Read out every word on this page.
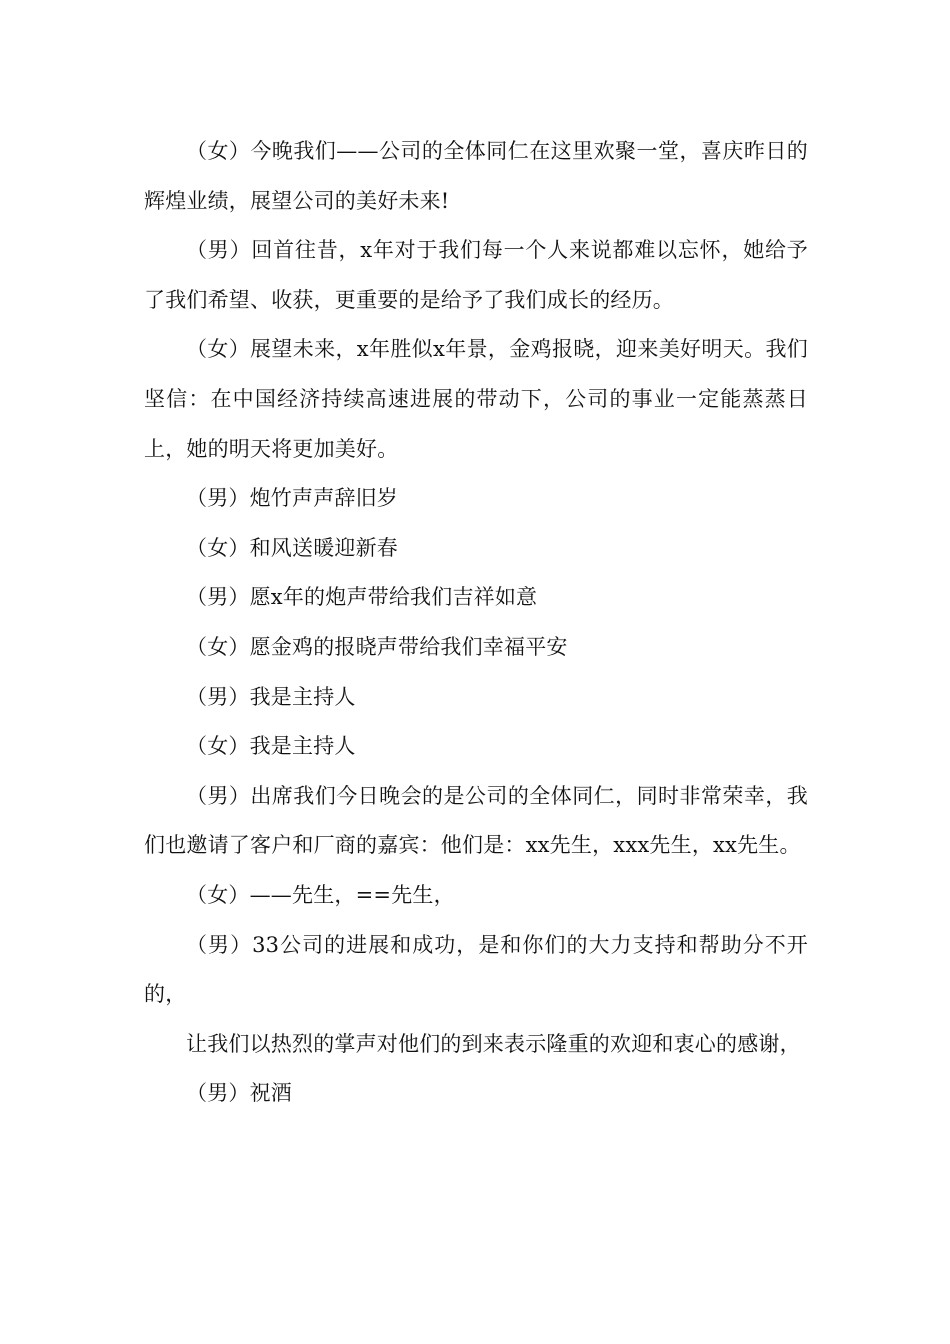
（女）今晚我们——公司的全体同仁在这里欢聚一堂，喜庆昨日的辉煌业绩，展望公司的美好未来!

（男）回首往昔，x年对于我们每一个人来说都难以忘怀，她给予了我们希望、收获，更重要的是给予了我们成长的经历。

（女）展望未来，x年胜似x年景，金鸡报晓，迎来美好明天。我们坚信：在中国经济持续高速进展的带动下，公司的事业一定能蒸蒸日上，她的明天将更加美好。

（男）炮竹声声辞旧岁

（女）和风送暖迎新春

（男）愿x年的炮声带给我们吉祥如意

（女）愿金鸡的报晓声带给我们幸福平安

（男）我是主持人

（女）我是主持人

（男）出席我们今日晚会的是公司的全体同仁，同时非常荣幸，我们也邀请了客户和厂商的嘉宾：他们是：xx先生，xxx先生，xx先生。

（女）——先生，==先生，

（男）33公司的进展和成功，是和你们的大力支持和帮助分不开的，

让我们以热烈的掌声对他们的到来表示隆重的欢迎和衷心的感谢，

（男）祝酒
